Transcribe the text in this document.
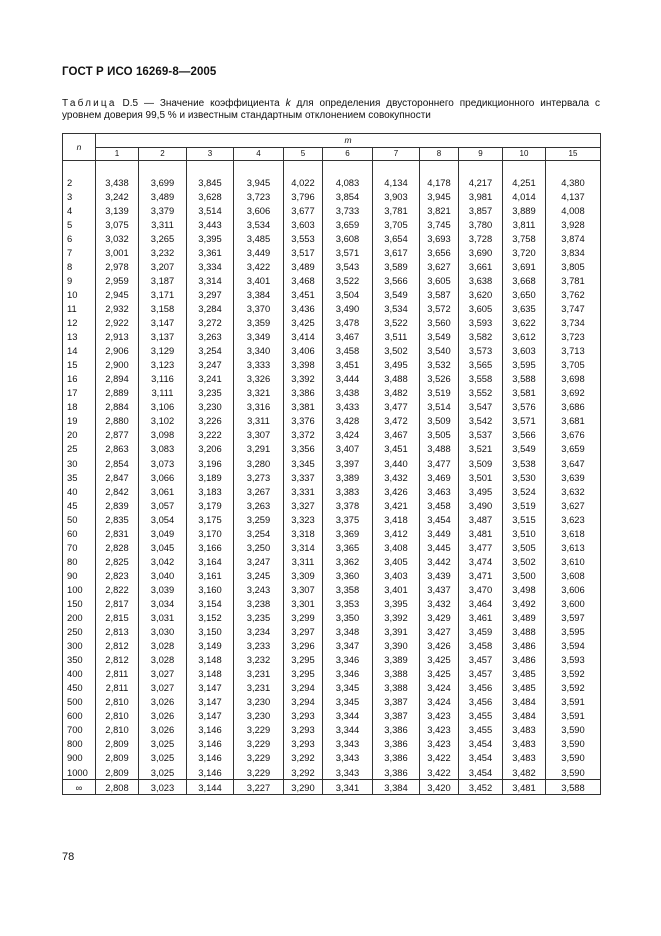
ГОСТ Р ИСО 16269-8—2005
Таблица D.5 — Значение коэффициента k для определения двустороннего предикционного интервала с уровнем доверия 99,5 % и известным стандартным отклонением совокупности
n	m										
	1	2	3	4	5	6	7	8	9	10	15

2	3,438	3,699	3,845	3,945	4,022	4,083	4,134	4,178	4,217	4,251	4,380
3	3,242	3,489	3,628	3,723	3,796	3,854	3,903	3,945	3,981	4,014	4,137
4	3,139	3,379	3,514	3,606	3,677	3,733	3,781	3,821	3,857	3,889	4,008
5	3,075	3,311	3,443	3,534	3,603	3,659	3,705	3,745	3,780	3,811	3,928
6	3,032	3,265	3,395	3,485	3,553	3,608	3,654	3,693	3,728	3,758	3,874
7	3,001	3,232	3,361	3,449	3,517	3,571	3,617	3,656	3,690	3,720	3,834
8	2,978	3,207	3,334	3,422	3,489	3,543	3,589	3,627	3,661	3,691	3,805
9	2,959	3,187	3,314	3,401	3,468	3,522	3,566	3,605	3,638	3,668	3,781
10	2,945	3,171	3,297	3,384	3,451	3,504	3,549	3,587	3,620	3,650	3,762
11	2,932	3,158	3,284	3,370	3,436	3,490	3,534	3,572	3,605	3,635	3,747
12	2,922	3,147	3,272	3,359	3,425	3,478	3,522	3,560	3,593	3,622	3,734
13	2,913	3,137	3,263	3,349	3,414	3,467	3,511	3,549	3,582	3,612	3,723
14	2,906	3,129	3,254	3,340	3,406	3,458	3,502	3,540	3,573	3,603	3,713
15	2,900	3,123	3,247	3,333	3,398	3,451	3,495	3,532	3,565	3,595	3,705
16	2,894	3,116	3,241	3,326	3,392	3,444	3,488	3,526	3,558	3,588	3,698
17	2,889	3,111	3,235	3,321	3,386	3,438	3,482	3,519	3,552	3,581	3,692
18	2,884	3,106	3,230	3,316	3,381	3,433	3,477	3,514	3,547	3,576	3,686
19	2,880	3,102	3,226	3,311	3,376	3,428	3,472	3,509	3,542	3,571	3,681
20	2,877	3,098	3,222	3,307	3,372	3,424	3,467	3,505	3,537	3,566	3,676
25	2,863	3,083	3,206	3,291	3,356	3,407	3,451	3,488	3,521	3,549	3,659
30	2,854	3,073	3,196	3,280	3,345	3,397	3,440	3,477	3,509	3,538	3,647
35	2,847	3,066	3,189	3,273	3,337	3,389	3,432	3,469	3,501	3,530	3,639
40	2,842	3,061	3,183	3,267	3,331	3,383	3,426	3,463	3,495	3,524	3,632
45	2,839	3,057	3,179	3,263	3,327	3,378	3,421	3,458	3,490	3,519	3,627
50	2,835	3,054	3,175	3,259	3,323	3,375	3,418	3,454	3,487	3,515	3,623
60	2,831	3,049	3,170	3,254	3,318	3,369	3,412	3,449	3,481	3,510	3,618
70	2,828	3,045	3,166	3,250	3,314	3,365	3,408	3,445	3,477	3,505	3,613
80	2,825	3,042	3,164	3,247	3,311	3,362	3,405	3,442	3,474	3,502	3,610
90	2,823	3,040	3,161	3,245	3,309	3,360	3,403	3,439	3,471	3,500	3,608
100	2,822	3,039	3,160	3,243	3,307	3,358	3,401	3,437	3,470	3,498	3,606
150	2,817	3,034	3,154	3,238	3,301	3,353	3,395	3,432	3,464	3,492	3,600
200	2,815	3,031	3,152	3,235	3,299	3,350	3,392	3,429	3,461	3,489	3,597
250	2,813	3,030	3,150	3,234	3,297	3,348	3,391	3,427	3,459	3,488	3,595
300	2,812	3,028	3,149	3,233	3,296	3,347	3,390	3,426	3,458	3,486	3,594
350	2,812	3,028	3,148	3,232	3,295	3,346	3,389	3,425	3,457	3,486	3,593
400	2,811	3,027	3,148	3,231	3,295	3,346	3,388	3,425	3,457	3,485	3,592
450	2,811	3,027	3,147	3,231	3,294	3,345	3,388	3,424	3,456	3,485	3,592
500	2,810	3,026	3,147	3,230	3,294	3,345	3,387	3,424	3,456	3,484	3,591
600	2,810	3,026	3,147	3,230	3,293	3,344	3,387	3,423	3,455	3,484	3,591
700	2,810	3,026	3,146	3,229	3,293	3,344	3,386	3,423	3,455	3,483	3,590
800	2,809	3,025	3,146	3,229	3,293	3,343	3,386	3,423	3,454	3,483	3,590
900	2,809	3,025	3,146	3,229	3,292	3,343	3,386	3,422	3,454	3,483	3,590
1000	2,809	3,025	3,146	3,229	3,292	3,343	3,386	3,422	3,454	3,482	3,590
∞	2,808	3,023	3,144	3,227	3,290	3,341	3,384	3,420	3,452	3,481	3,588
78
